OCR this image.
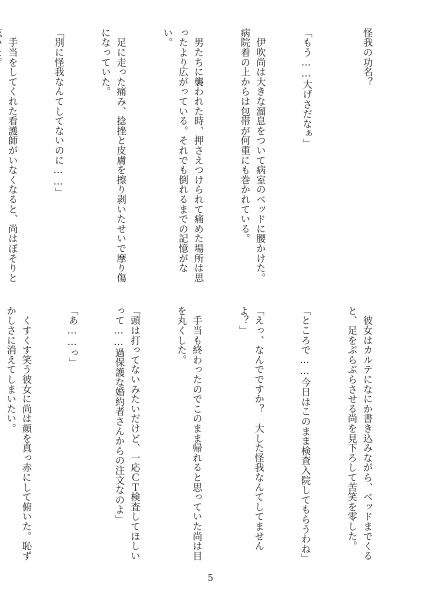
怪我の功名？

「もう……大げさだなぁ」

　伊吹尚は大きな溜息をついて病室のベッドに腰かけた。病院着の上からは包帯が何重にも巻かれている。

　男たちに襲われた時、押さえつけられて痛めた場所は思ったより広がっている。それでも倒れるまでの記憶がない。

　足に走った痛み、捻挫と皮膚を擦り剥いたせいで摩り傷になっていた。

「別に怪我なんてしてないのに……」

　手当をしてくれた看護師がいなくなると、尚はぼそりと

　彼女はカルテになにか書き込みながら、ベッドまでくると、足をぶらぶらさせる尚を見下ろして苦笑を零した。

「ところで……今日はこのまま検査入院してもらうわね」

「えっ、なんでですか？　大した怪我なんてしてませんよ？」

　手当も終わったのでこのまま帰れると思っていた尚は目を丸くした。

「頭は打ってないみたいだけど、一応ＣＴ検査してほしいって……過保護な婚約者さんからの注文なのよ」

「あ……っ」

　くすくす笑う彼女に尚は顔を真っ赤にして俯いた。恥ずかしさに消えてしまいたい。

5
